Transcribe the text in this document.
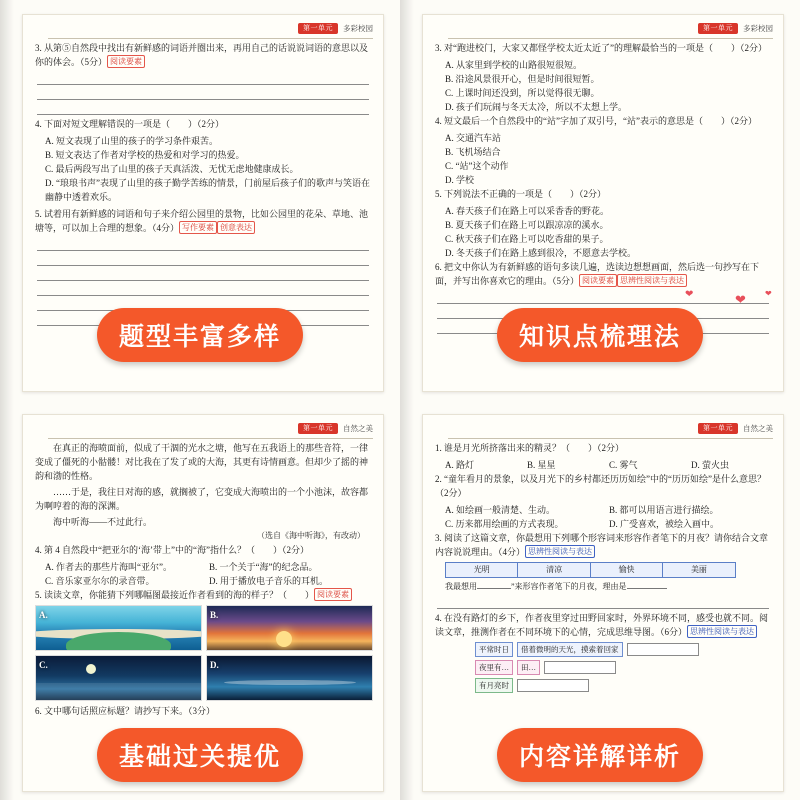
第一单元	多彩校园
3. 从第⑤自然段中找出有新鲜感的词语并圈出来，再用自己的话说说词语的意思以及你的体会。（5分） 阅读要素
4. 下面对短文理解错误的一项是（　　）（2分）
A. 短文表现了山里的孩子的学习条件艰苦。
B. 短文表达了作者对学校的热爱和对学习的热爱。
C. 最后两段写出了山里的孩子天真活泼、无忧无虑地健康成长。
D. “琅琅书声”表现了山里的孩子勤学苦练的情景，门前屋后孩子们的歌声与笑语在幽静中透着欢乐。
5. 试着用有新鲜感的词语和句子来介绍公园里的景物，比如公园里的花朵、草地、池塘等，可以加上合理的想象。（4分） 写作要素 创意表达
题型丰富多样
第一单元	多彩校园
3. 对“跑进校门，大家又都怪学校太近太近了”的理解最恰当的一项是（　　）（2分）
A. 从家里到学校的山路很短很短。
B. 沿途风景很开心，但是时间很短暂。
C. 上课时间还没到，所以觉得很无聊。
D. 孩子们玩闹与冬天太冷，所以不太想上学。
4. 短文最后一个自然段中的“站”字加了双引号，“站”表示的意思是（　　）（2分）
A. 交通汽车站
B. 飞机场结合
C. “站”这个动作
D. 学校
5. 下列说法不正确的一项是（　　）（2分）
A. 春天孩子们在路上可以采香香的野花。
B. 夏天孩子们在路上可以跟凉凉的溪水。
C. 秋天孩子们在路上可以吃香甜的果子。
D. 冬天孩子们在路上感到很冷，不愿意去学校。
6. 把文中你认为有新鲜感的语句多读几遍，选读边想想画面，然后选一句抄写在下面，并写出你喜欢它的理由。（5分） 阅读要素 思辨性阅读与表达
❤	❤ ❤
知识点梳理法
第一单元	自然之美

在真正的海喷面前，似成了干涸的光水之塘，他写在五我语上的那些音符，一律变成了僵死的小骷髅！对比我在了发了或的大海，其更有诗情画意。但却少了摇的神韵和渤的性格。

……于是，我往日对海的感，就搁被了，它变成大海喷出的一个小池沫，故容都为啊哼着的海的深渊。

海中听海——不过此行。

（选自《海中听海》，有改动）
4. 第 4 自然段中“把亚尔的‘海’带上”中的“海”指什么？（　　）（2分）
A. 作者去的那些片海叫“亚尔”。	B. 一个关于“海”的纪念品。
C. 音乐家亚尔尔的录音带。	D. 用于播放电子音乐的耳机。
5. 读读文章，你能猜下列哪幅图最接近作者看到的海的样子？（　　） 阅读要素
A.	B.
C.	D.
6. 文中哪句话照应标题？请抄写下来。（3分）
基础过关提优
第一单元	自然之美
1. 谁是月光所挤落出来的精灵？（　　）（2分）
A. 路灯	B. 星星	C. 雾气	D. 萤火虫
2. “童年看月的景象，以及月光下的乡村都还历历如绘”中的“历历如绘”是什么意思？（2分）
A. 如绘画一般清楚、生动。	B. 都可以用语言进行描绘。
C. 历来都用绘画的方式表现。	D. 广受喜欢，被绘入画中。
3. 阅读了这篇文章，你最想用下列哪个形容词来形容作者笔下的月夜？请你结合文章内容说说理由。（4分） 思辨性阅读与表达
光明	清凉	愉快	美丽
我最想用	”来形容作者笔下的月夜，理由是
4. 在没有路灯的乡下，作者夜里穿过田野回家时，外界环境不同，感受也就不同。阅读文章，推测作者在不同环境下的心情，完成思维导图。（6分） 思辨性阅读与表达
平常时日	借着微明的天光，摸索着回家
夜里有…	田…
有月亮时
内容详解详析
